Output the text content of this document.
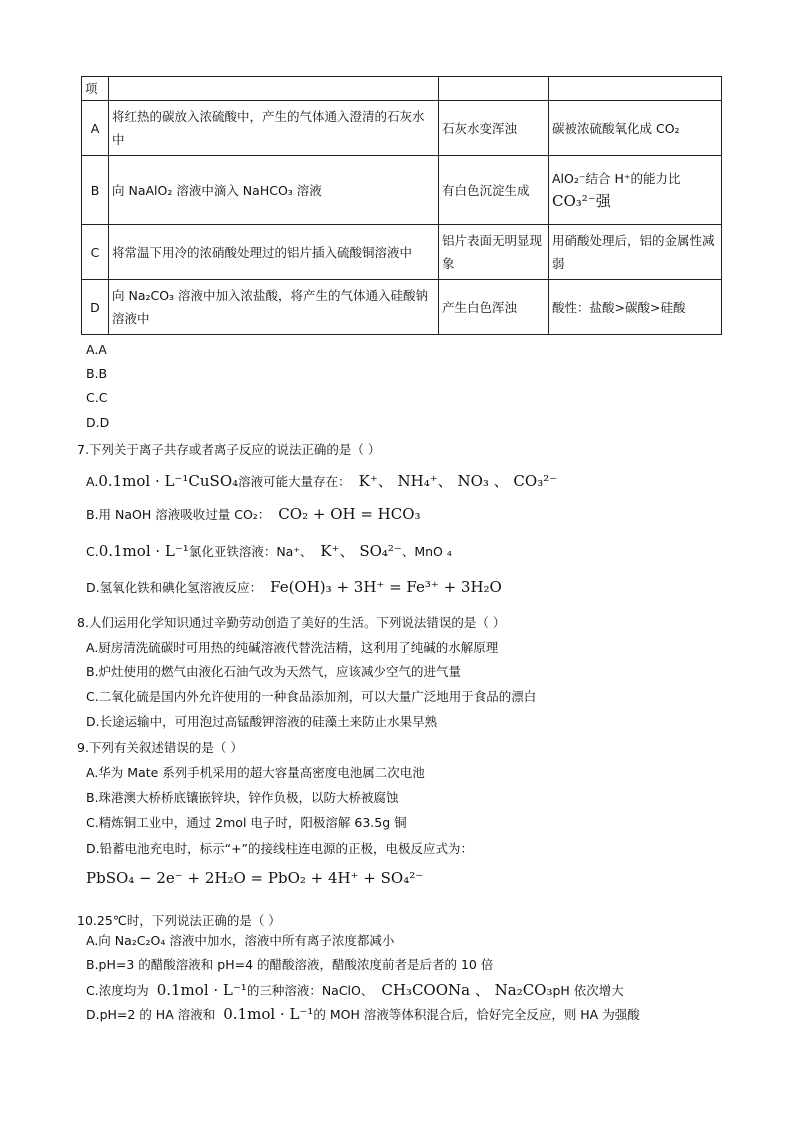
项			
A	将红热的碳放入浓硫酸中，产生的气体通入澄清的石灰水中	石灰水变浑浊	碳被浓硫酸氧化成 CO₂
B	向 NaAlO₂ 溶液中滴入 NaHCO₃ 溶液	有白色沉淀生成	AlO₂⁻结合 H⁺的能力比
CO₃²⁻强

C	将常温下用冷的浓硝酸处理过的铝片插入硫酸铜溶液中	铝片表面无明显现象	用硝酸处理后，铝的金属性减弱
D	向 Na₂CO₃ 溶液中加入浓盐酸，将产生的气体通入硅酸钠溶液中	产生白色浑浊	酸性：盐酸>碳酸>硅酸
A.A
B.B
C.C
D.D
7.下列关于离子共存或者离子反应的说法正确的是（ ）
A.0.1mol · L⁻¹CuSO₄溶液可能大量存在： K⁺、 NH₄⁺、 NO₃ 、 CO₃²⁻
B.用 NaOH 溶液吸收过量 CO₂： CO₂ + OH = HCO₃
C.0.1mol · L⁻¹氯化亚铁溶液：Na⁺、 K⁺、 SO₄²⁻、MnO ₄
D.氢氧化铁和碘化氢溶液反应： Fe(OH)₃ + 3H⁺ = Fe³⁺ + 3H₂O
8.人们运用化学知识通过辛勤劳动创造了美好的生活。下列说法错误的是（ ）
A.厨房清洗硫碳时可用热的纯碱溶液代替洗洁精，这利用了纯碱的水解原理
B.炉灶使用的燃气由液化石油气改为天然气，应该减少空气的进气量
C.二氧化硫是国内外允许使用的一种食品添加剂，可以大量广泛地用于食品的漂白
D.长途运输中，可用泡过高锰酸钾溶液的硅藻土来防止水果早熟
9.下列有关叙述错误的是（ ）
A.华为 Mate 系列手机采用的超大容量高密度电池属二次电池
B.珠港澳大桥桥底镶嵌锌块，锌作负极，以防大桥被腐蚀
C.精炼铜工业中，通过 2mol 电子时，阳极溶解 63.5g 铜
D.铅蓄电池充电时，标示“+”的接线柱连电源的正极，电极反应式为：
PbSO₄ − 2e⁻ + 2H₂O = PbO₂ + 4H⁺ + SO₄²⁻
10.25℃时，下列说法正确的是（ ）
A.向 Na₂C₂O₄ 溶液中加水，溶液中所有离子浓度都减小
B.pH=3 的醋酸溶液和 pH=4 的醋酸溶液，醋酸浓度前者是后者的 10 倍
C.浓度均为 0.1mol · L⁻¹的三种溶液：NaClO、 CH₃COONa 、 Na₂CO₃pH 依次增大
D.pH=2 的 HA 溶液和 0.1mol · L⁻¹的 MOH 溶液等体积混合后，恰好完全反应，则 HA 为强酸
